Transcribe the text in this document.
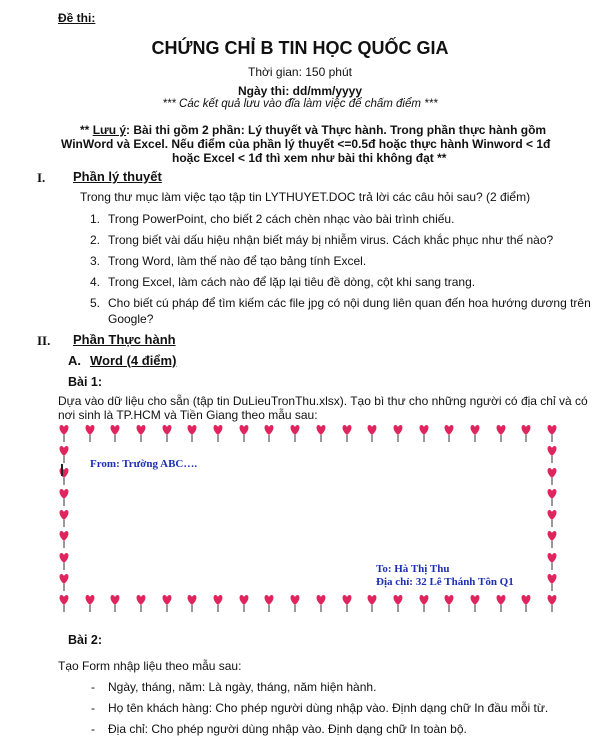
Đề thi:
CHỨNG CHỈ B TIN HỌC QUỐC GIA
Thời gian: 150 phút
Ngày thi: dd/mm/yyyy
*** Các kết quả lưu vào đĩa làm việc để chấm điểm ***
** Lưu ý: Bài thi gồm 2 phần: Lý thuyết và Thực hành. Trong phần thực hành gồm
WinWord và Excel. Nếu điểm của phần lý thuyết <=0.5đ hoặc thực hành Winword < 1đ
hoặc Excel < 1đ thì xem như bài thi không đạt **
I. Phần lý thuyết
Trong thư mục làm việc tạo tập tin LYTHUYET.DOC trả lời các câu hỏi sau? (2 điểm)
1. Trong PowerPoint, cho biết 2 cách chèn nhạc vào bài trình chiếu.
2. Trong biết vài dấu hiệu nhận biết máy bị nhiễm virus. Cách khắc phục như thế nào?
3. Trong Word, làm thế nào để tạo bảng tính Excel.
4. Trong Excel, làm cách nào để lặp lại tiêu đề dòng, cột khi sang trang.
5. Cho biết cú pháp để tìm kiếm các file jpg có nội dung liên quan đến hoa hướng dương trên
Google?
II. Phần Thực hành
A. Word (4 điểm)
Bài 1:
Dựa vào dữ liệu cho sẵn (tập tin DuLieuTronThu.xlsx). Tạo bì thư cho những người có địa chỉ và có
nơi sinh là TP.HCM và Tiền Giang theo mẫu sau:
From: Trường ABC….
To: Hà Thị Thu
Địa chỉ: 32 Lê Thánh Tôn Q1
Bài 2:
Tạo Form nhập liệu theo mẫu sau:
- Ngày, tháng, năm: Là ngày, tháng, năm hiện hành.
- Họ tên khách hàng: Cho phép người dùng nhập vào. Định dạng chữ In đầu mỗi từ.
- Địa chỉ: Cho phép người dùng nhập vào. Định dạng chữ In toàn bộ.
